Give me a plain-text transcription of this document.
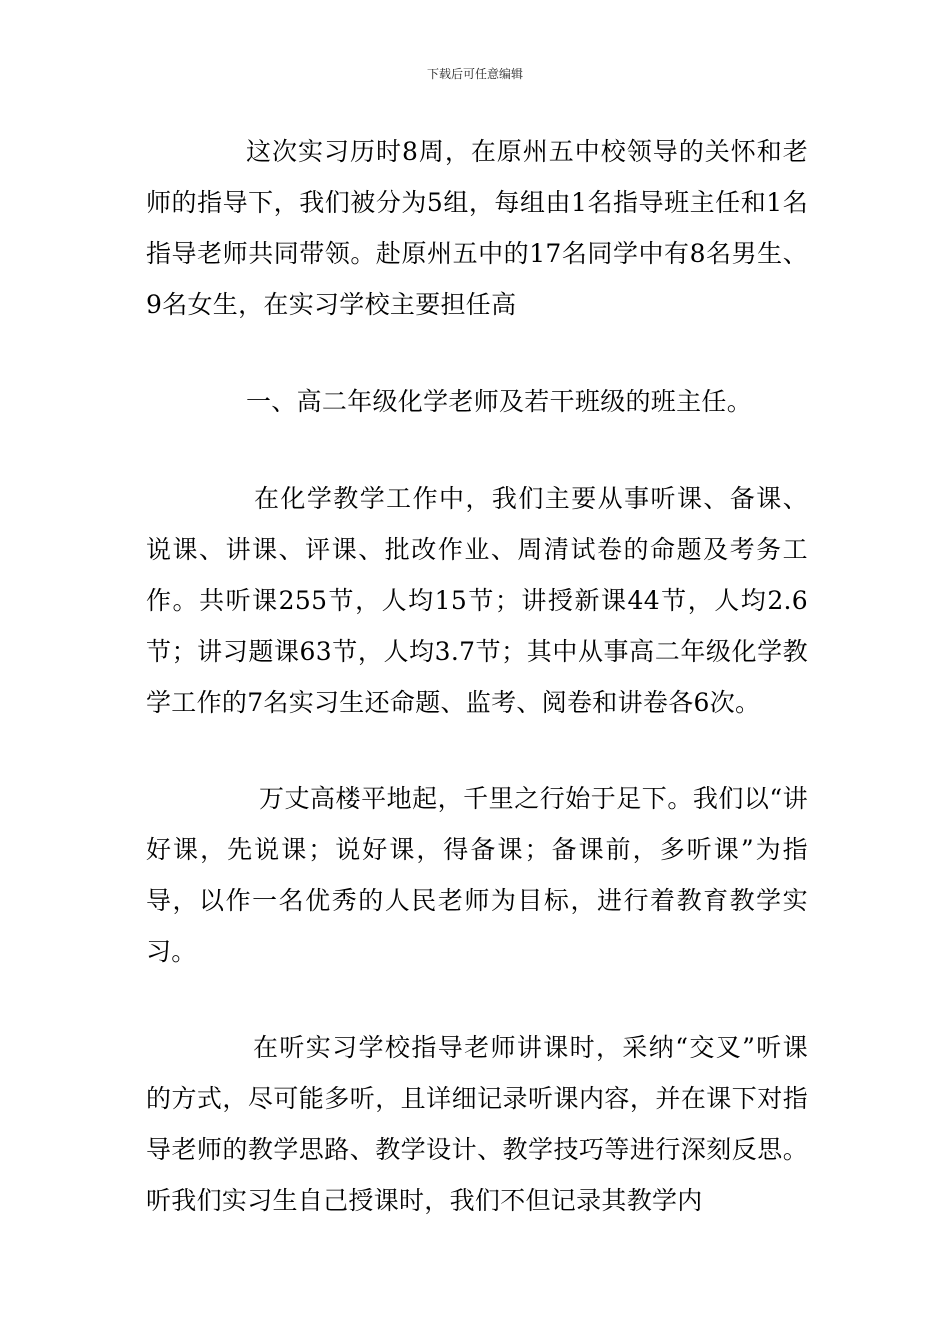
下载后可任意编辑

这次实习历时8周，在原州五中校领导的关怀和老师的指导下，我们被分为5组，每组由1名指导班主任和1名指导老师共同带领。赴原州五中的17名同学中有8名男生、9名女生，在实习学校主要担任高

一、高二年级化学老师及若干班级的班主任。

在化学教学工作中，我们主要从事听课、备课、说课、讲课、评课、批改作业、周清试卷的命题及考务工作。共听课255节，人均15节；讲授新课44节，人均2.6节；讲习题课63节，人均3.7节；其中从事高二年级化学教学工作的7名实习生还命题、监考、阅卷和讲卷各6次。

万丈高楼平地起，千里之行始于足下。我们以“讲好课，先说课；说好课，得备课；备课前，多听课”为指导，以作一名优秀的人民老师为目标，进行着教育教学实习。

在听实习学校指导老师讲课时，采纳“交叉”听课的方式，尽可能多听，且详细记录听课内容，并在课下对指导老师的教学思路、教学设计、教学技巧等进行深刻反思。听我们实习生自己授课时，我们不但记录其教学内
